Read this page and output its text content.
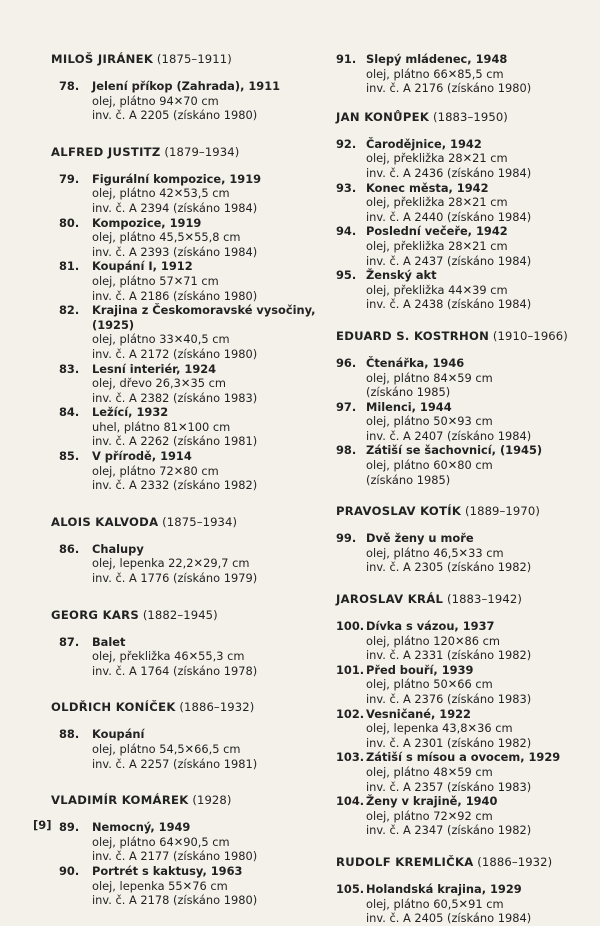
MILOŠ JIRÁNEK (1875–1911)
78. Jelení příkop (Zahrada), 1911
olej, plátno 94✕70 cm
inv. č. A 2205 (získáno 1980)
ALFRED JUSTITZ (1879–1934)
79. Figurální kompozice, 1919
olej, plátno 42✕53,5 cm
inv. č. A 2394 (získáno 1984)
80. Kompozice, 1919
olej, plátno 45,5✕55,8 cm
inv. č. A 2393 (získáno 1984)
81. Koupání I, 1912
olej, plátno 57✕71 cm
inv. č. A 2186 (získáno 1980)
82. Krajina z Českomoravské vysočiny,
(1925)
olej, plátno 33✕40,5 cm
inv. č. A 2172 (získáno 1980)
83. Lesní interiér, 1924
olej, dřevo 26,3✕35 cm
inv. č. A 2382 (získáno 1983)
84. Ležící, 1932
uhel, plátno 81✕100 cm
inv. č. A 2262 (získáno 1981)
85. V přírodě, 1914
olej, plátno 72✕80 cm
inv. č. A 2332 (získáno 1982)
ALOIS KALVODA (1875–1934)
86. Chalupy
olej, lepenka 22,2✕29,7 cm
inv. č. A 1776 (získáno 1979)
GEORG KARS (1882–1945)
87. Balet
olej, překližka 46✕55,3 cm
inv. č. A 1764 (získáno 1978)
OLDŘICH KONÍČEK (1886–1932)
88. Koupání
olej, plátno 54,5✕66,5 cm
inv. č. A 2257 (získáno 1981)
VLADIMÍR KOMÁREK (1928)
89. Nemocný, 1949
olej, plátno 64✕90,5 cm
inv. č. A 2177 (získáno 1980)
90. Portrét s kaktusy, 1963
olej, lepenka 55✕76 cm
inv. č. A 2178 (získáno 1980)
91. Slepý mládenec, 1948
olej, plátno 66✕85,5 cm
inv. č. A 2176 (získáno 1980)
JAN KONŮPEK (1883–1950)
92. Čarodějnice, 1942
olej, překližka 28✕21 cm
inv. č. A 2436 (získáno 1984)
93. Konec města, 1942
olej, překližka 28✕21 cm
inv. č. A 2440 (získáno 1984)
94. Poslední večeře, 1942
olej, překližka 28✕21 cm
inv. č. A 2437 (získáno 1984)
95. Ženský akt
olej, překližka 44✕39 cm
inv. č. A 2438 (získáno 1984)
EDUARD S. KOSTRHON (1910–1966)
96. Čtenářka, 1946
olej, plátno 84✕59 cm
(získáno 1985)
97. Milenci, 1944
olej, plátno 50✕93 cm
inv. č. A 2407 (získáno 1984)
98. Zátiší se šachovnicí, (1945)
olej, plátno 60✕80 cm
(získáno 1985)
PRAVOSLAV KOTÍK (1889–1970)
99. Dvě ženy u moře
olej, plátno 46,5✕33 cm
inv. č. A 2305 (získáno 1982)
JAROSLAV KRÁL (1883–1942)
100. Dívka s vázou, 1937
olej, plátno 120✕86 cm
inv. č. A 2331 (získáno 1982)
101. Před bouří, 1939
olej, plátno 50✕66 cm
inv. č. A 2376 (získáno 1983)
102. Vesničané, 1922
olej, lepenka 43,8✕36 cm
inv. č. A 2301 (získáno 1982)
103. Zátiší s mísou a ovocem, 1929
olej, plátno 48✕59 cm
inv. č. A 2357 (získáno 1983)
104. Ženy v krajině, 1940
olej, plátno 72✕92 cm
inv. č. A 2347 (získáno 1982)
RUDOLF KREMLIČKA (1886–1932)
105. Holandská krajina, 1929
olej, plátno 60,5✕91 cm
inv. č. A 2405 (získáno 1984)
[9]
